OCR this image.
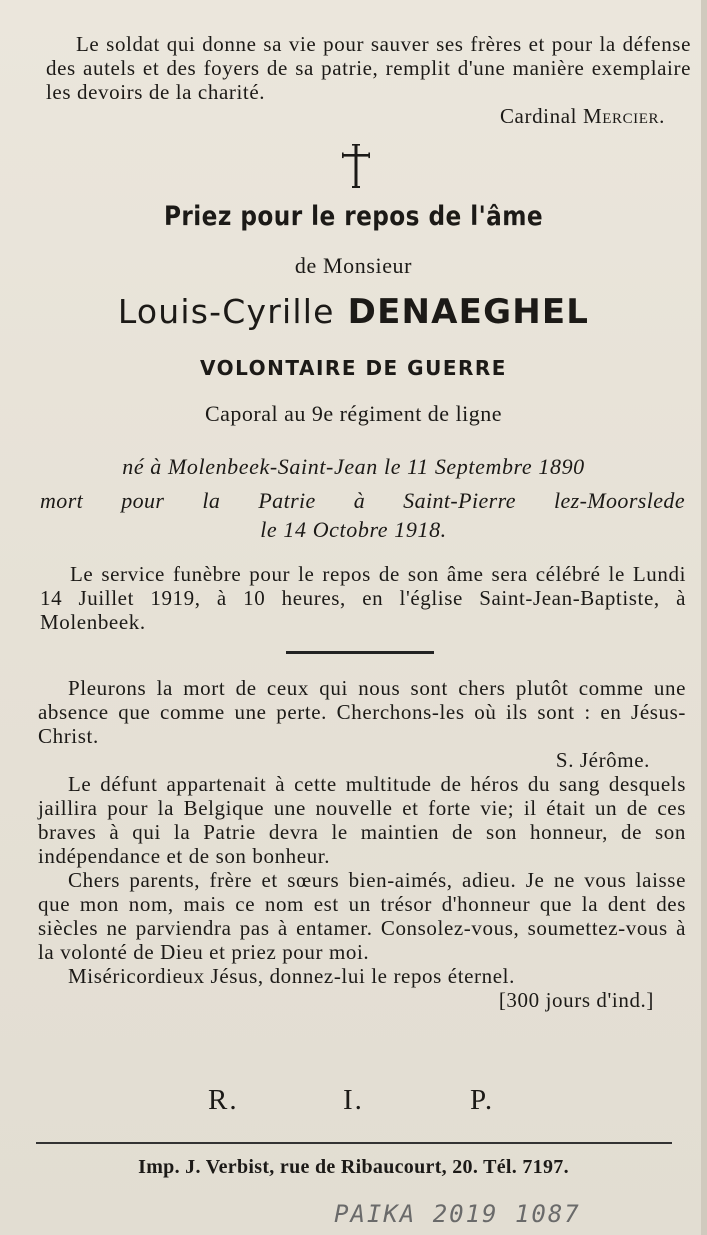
Le soldat qui donne sa vie pour sauver ses frères et pour la défense des autels et des foyers de sa patrie, remplit d'une manière exemplaire les devoirs de la charité.

Cardinal Mercier.

Priez pour le repos de l'âme
de Monsieur
Louis-Cyrille DENAEGHEL
VOLONTAIRE DE GUERRE
Caporal au 9e régiment de ligne
né à Molenbeek-Saint-Jean le 11 Septembre 1890
mort pour la Patrie à Saint-Pierre lez-Moorslede
le 14 Octobre 1918.

Le service funèbre pour le repos de son âme sera célébré le Lundi 14 Juillet 1919, à 10 heures, en l'église Saint-Jean-Baptiste, à Molenbeek.

Pleurons la mort de ceux qui nous sont chers plutôt comme une absence que comme une perte. Cherchons-les où ils sont : en Jésus-Christ.

S. Jérôme.

Le défunt appartenait à cette multitude de héros du sang desquels jaillira pour la Belgique une nouvelle et forte vie; il était un de ces braves à qui la Patrie devra le maintien de son honneur, de son indépendance et de son bonheur.

Chers parents, frère et sœurs bien-aimés, adieu. Je ne vous laisse que mon nom, mais ce nom est un trésor d'honneur que la dent des siècles ne parviendra pas à entamer. Consolez-vous, soumettez-vous à la volonté de Dieu et priez pour moi.

Miséricordieux Jésus, donnez-lui le repos éternel.

[300 jours d'ind.]

R.	I.	P.
Imp. J. Verbist, rue de Ribaucourt, 20. Tél. 7197.
PAIKA 2019 1087
